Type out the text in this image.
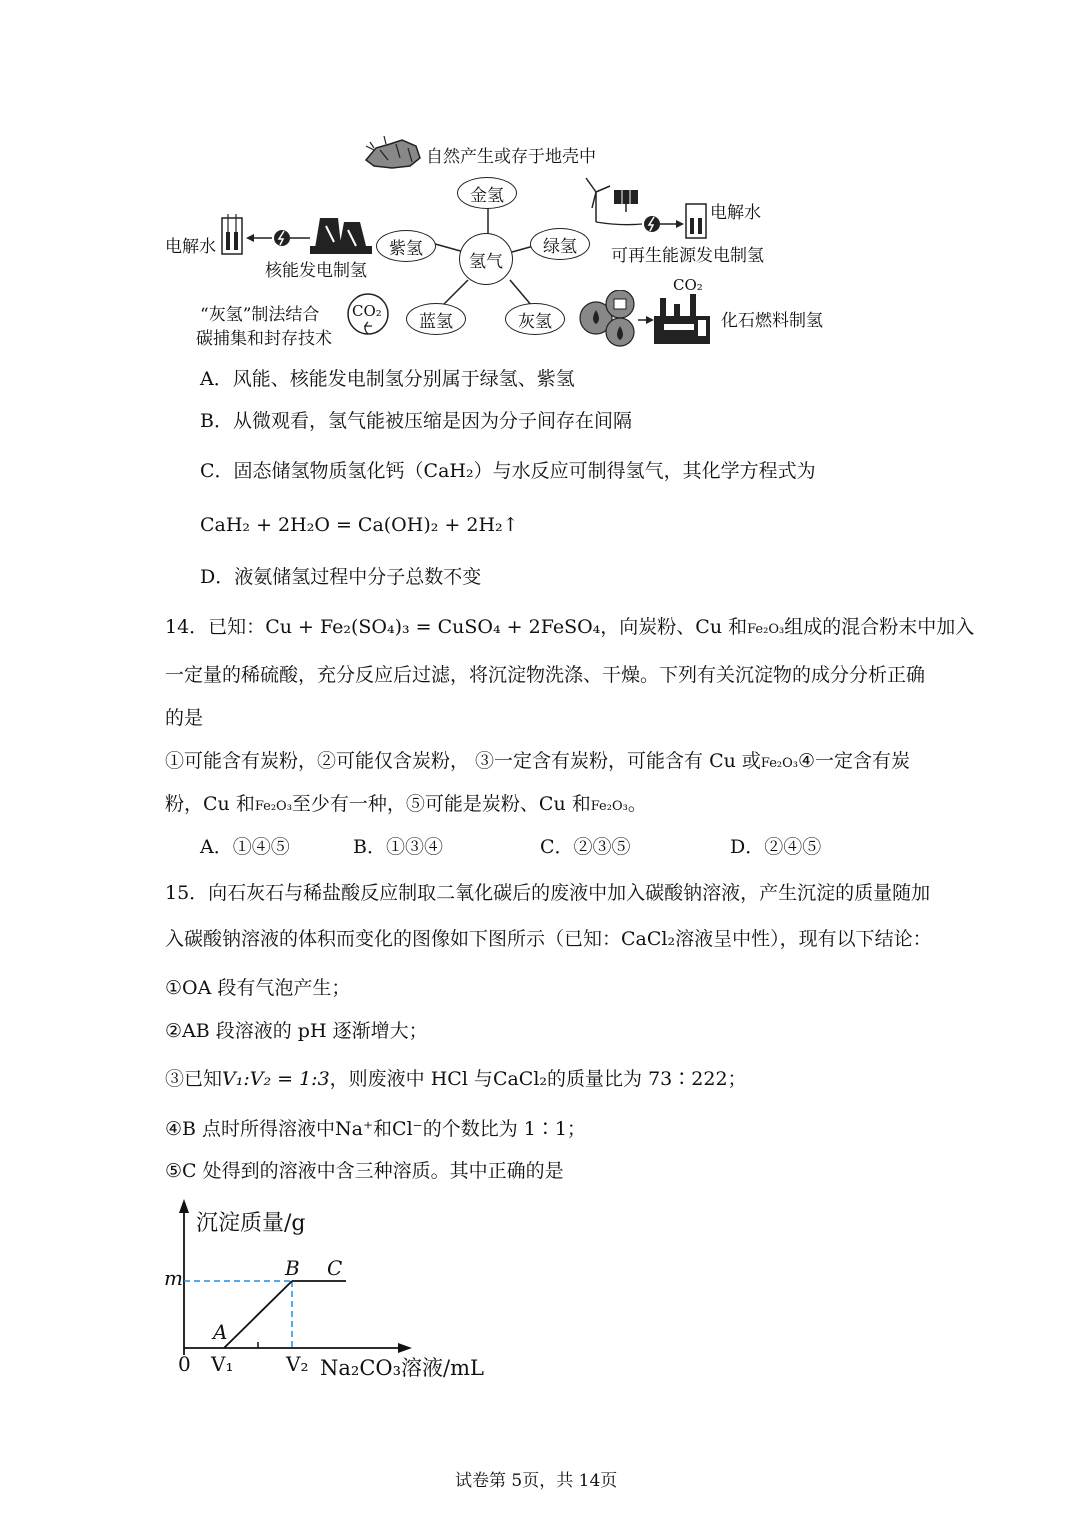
自然产生或存于地壳中
金氢
紫氢	绿氢
氢气
蓝氢	灰氢
电解水
核能发电制氢
电解水
可再生能源发电制氢
“灰氢”制法结合
碳捕集和封存技术
CO₂
CO₂
化石燃料制氢
A．风能、核能发电制氢分别属于绿氢、紫氢
B．从微观看，氢气能被压缩是因为分子间存在间隔
C．固态储氢物质氢化钙（CaH₂）与水反应可制得氢气，其化学方程式为
CaH₂ + 2H₂O = Ca(OH)₂ + 2H₂↑
D．液氨储氢过程中分子总数不变
14．已知：Cu + Fe₂(SO₄)₃ = CuSO₄ + 2FeSO₄，向炭粉、Cu 和Fe₂O₃组成的混合粉末中加入
一定量的稀硫酸，充分反应后过滤，将沉淀物洗涤、干燥。下列有关沉淀物的成分分析正确
的是
①可能含有炭粉，②可能仅含炭粉， ③一定含有炭粉，可能含有 Cu 或Fe₂O₃④一定含有炭
粉，Cu 和Fe₂O₃至少有一种，⑤可能是炭粉、Cu 和Fe₂O₃。
A．①④⑤	B．①③④	C．②③⑤	D．②④⑤
15．向石灰石与稀盐酸反应制取二氧化碳后的废液中加入碳酸钠溶液，产生沉淀的质量随加
入碳酸钠溶液的体积而变化的图像如下图所示（已知：CaCl₂溶液呈中性），现有以下结论：
①OA 段有气泡产生；
②AB 段溶液的 pH 逐渐增大；
③已知V₁:V₂ = 1:3，则废液中 HCl 与CaCl₂的质量比为 73∶222；
④B 点时所得溶液中Na⁺和Cl⁻的个数比为 1∶1；
⑤C 处得到的溶液中含三种溶质。其中正确的是
沉淀质量/g
m
A
B C
0 V₁	V₂ Na₂CO₃溶液/mL
试卷第 5页，共 14页
